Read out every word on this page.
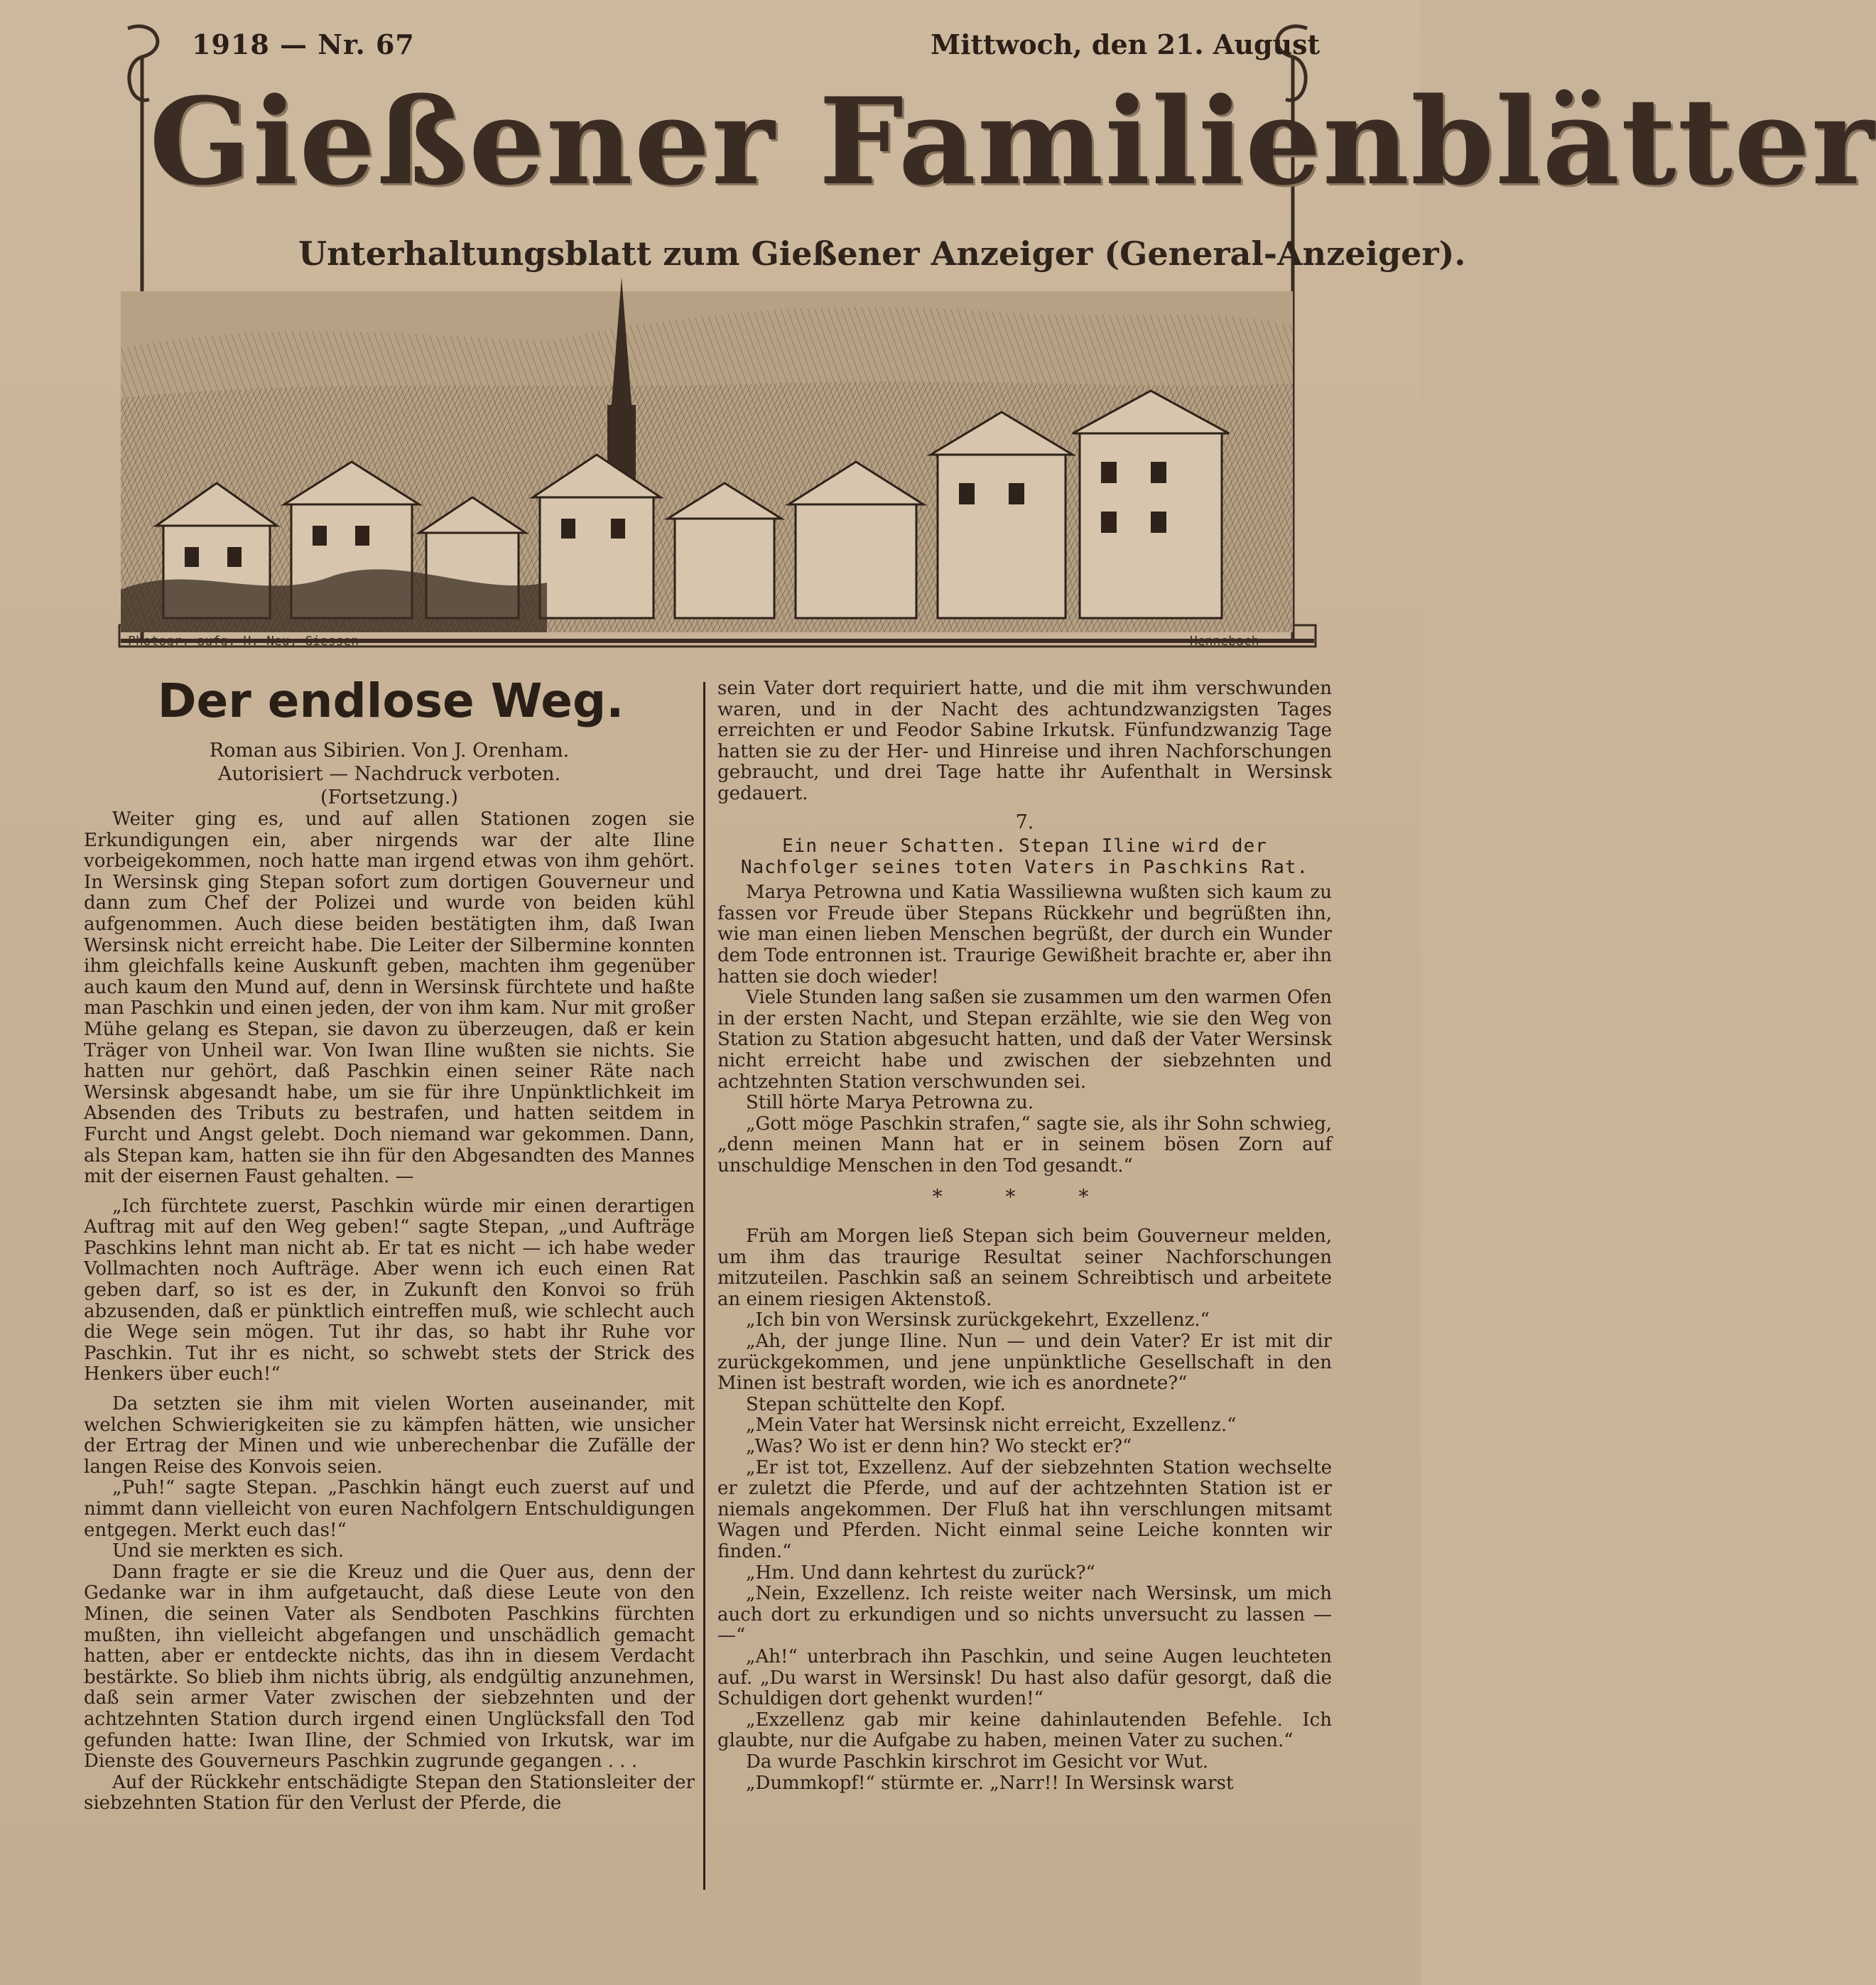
1918 — Nr. 67	Mittwoch, den 21. August
Gießener Familienblätter
Unterhaltungsblatt zum Gießener Anzeiger (General-Anzeiger).
Photogr. aufg. H. Neu, Giessen	Hennebach
Der endlose Weg.
Roman aus Sibirien. Von J. Orenham.
Autorisiert — Nachdruck verboten.
(Fortsetzung.)

Weiter ging es, und auf allen Stationen zogen sie Erkundigungen ein, aber nirgends war der alte Iline vorbeigekommen, noch hatte man irgend etwas von ihm gehört. In Wersinsk ging Stepan sofort zum dortigen Gouverneur und dann zum Chef der Polizei und wurde von beiden kühl aufgenommen. Auch diese beiden bestätigten ihm, daß Iwan Wersinsk nicht erreicht habe. Die Leiter der Silbermine konnten ihm gleichfalls keine Auskunft geben, machten ihm gegenüber auch kaum den Mund auf, denn in Wersinsk fürchtete und haßte man Paschkin und einen jeden, der von ihm kam. Nur mit großer Mühe gelang es Stepan, sie davon zu überzeugen, daß er kein Träger von Unheil war. Von Iwan Iline wußten sie nichts. Sie hatten nur gehört, daß Paschkin einen seiner Räte nach Wersinsk abgesandt habe, um sie für ihre Unpünktlichkeit im Absenden des Tributs zu bestrafen, und hatten seitdem in Furcht und Angst gelebt. Doch niemand war gekommen. Dann, als Stepan kam, hatten sie ihn für den Abgesandten des Mannes mit der eisernen Faust gehalten. —

„Ich fürchtete zuerst, Paschkin würde mir einen derartigen Auftrag mit auf den Weg geben!“ sagte Stepan, „und Aufträge Paschkins lehnt man nicht ab. Er tat es nicht — ich habe weder Vollmachten noch Aufträge. Aber wenn ich euch einen Rat geben darf, so ist es der, in Zukunft den Konvoi so früh abzusenden, daß er pünktlich eintreffen muß, wie schlecht auch die Wege sein mögen. Tut ihr das, so habt ihr Ruhe vor Paschkin. Tut ihr es nicht, so schwebt stets der Strick des Henkers über euch!“

Da setzten sie ihm mit vielen Worten auseinander, mit welchen Schwierigkeiten sie zu kämpfen hätten, wie unsicher der Ertrag der Minen und wie unberechenbar die Zufälle der langen Reise des Konvois seien.

„Puh!“ sagte Stepan. „Paschkin hängt euch zuerst auf und nimmt dann vielleicht von euren Nachfolgern Entschuldigungen entgegen. Merkt euch das!“

Und sie merkten es sich.

Dann fragte er sie die Kreuz und die Quer aus, denn der Gedanke war in ihm aufgetaucht, daß diese Leute von den Minen, die seinen Vater als Sendboten Paschkins fürchten mußten, ihn vielleicht abgefangen und unschädlich gemacht hatten, aber er entdeckte nichts, das ihn in diesem Verdacht bestärkte. So blieb ihm nichts übrig, als endgültig anzunehmen, daß sein armer Vater zwischen der siebzehnten und der achtzehnten Station durch irgend einen Unglücksfall den Tod gefunden hatte: Iwan Iline, der Schmied von Irkutsk, war im Dienste des Gouverneurs Paschkin zugrunde gegangen . . .

Auf der Rückkehr entschädigte Stepan den Stationsleiter der siebzehnten Station für den Verlust der Pferde, die

sein Vater dort requiriert hatte, und die mit ihm verschwunden waren, und in der Nacht des achtundzwanzigsten Tages erreichten er und Feodor Sabine Irkutsk. Fünfundzwanzig Tage hatten sie zu der Her- und Hinreise und ihren Nachforschungen gebraucht, und drei Tage hatte ihr Aufenthalt in Wersinsk gedauert.

7.
Ein neuer Schatten. Stepan Iline wird der Nachfolger seines toten Vaters in Paschkins Rat.

Marya Petrowna und Katia Wassiliewna wußten sich kaum zu fassen vor Freude über Stepans Rückkehr und begrüßten ihn, wie man einen lieben Menschen begrüßt, der durch ein Wunder dem Tode entronnen ist. Traurige Gewißheit brachte er, aber ihn hatten sie doch wieder!

Viele Stunden lang saßen sie zusammen um den warmen Ofen in der ersten Nacht, und Stepan erzählte, wie sie den Weg von Station zu Station abgesucht hatten, und daß der Vater Wersinsk nicht erreicht habe und zwischen der siebzehnten und achtzehnten Station verschwunden sei.

Still hörte Marya Petrowna zu.

„Gott möge Paschkin strafen,“ sagte sie, als ihr Sohn schwieg, „denn meinen Mann hat er in seinem bösen Zorn auf unschuldige Menschen in den Tod gesandt.“

* * *

Früh am Morgen ließ Stepan sich beim Gouverneur melden, um ihm das traurige Resultat seiner Nachforschungen mitzuteilen. Paschkin saß an seinem Schreibtisch und arbeitete an einem riesigen Aktenstoß.

„Ich bin von Wersinsk zurückgekehrt, Exzellenz.“

„Ah, der junge Iline. Nun — und dein Vater? Er ist mit dir zurückgekommen, und jene unpünktliche Gesellschaft in den Minen ist bestraft worden, wie ich es anordnete?“

Stepan schüttelte den Kopf.

„Mein Vater hat Wersinsk nicht erreicht, Exzellenz.“

„Was? Wo ist er denn hin? Wo steckt er?“

„Er ist tot, Exzellenz. Auf der siebzehnten Station wechselte er zuletzt die Pferde, und auf der achtzehnten Station ist er niemals angekommen. Der Fluß hat ihn verschlungen mitsamt Wagen und Pferden. Nicht einmal seine Leiche konnten wir finden.“

„Hm. Und dann kehrtest du zurück?“

„Nein, Exzellenz. Ich reiste weiter nach Wersinsk, um mich auch dort zu erkundigen und so nichts unversucht zu lassen — —“

„Ah!“ unterbrach ihn Paschkin, und seine Augen leuchteten auf. „Du warst in Wersinsk! Du hast also dafür gesorgt, daß die Schuldigen dort gehenkt wurden!“

„Exzellenz gab mir keine dahinlautenden Befehle. Ich glaubte, nur die Aufgabe zu haben, meinen Vater zu suchen.“

Da wurde Paschkin kirschrot im Gesicht vor Wut.

„Dummkopf!“ stürmte er. „Narr!! In Wersinsk warst
